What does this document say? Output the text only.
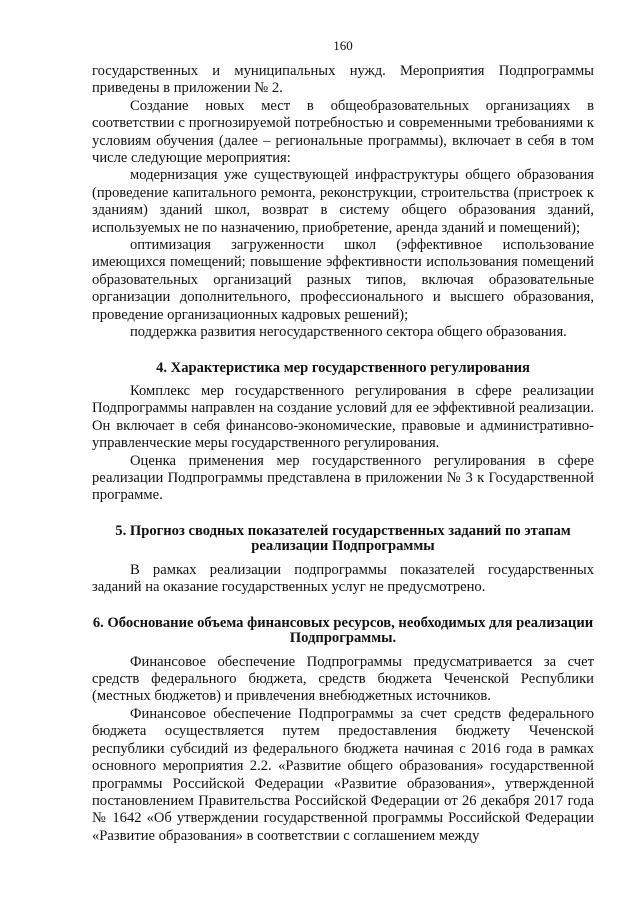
160

государственных и муниципальных нужд. Мероприятия Подпрограммы приведены в приложении № 2.

Создание новых мест в общеобразовательных организациях в соответствии с прогнозируемой потребностью и современными требованиями к условиям обучения (далее – региональные программы), включает в себя в том числе следующие мероприятия:

модернизация уже существующей инфраструктуры общего образования (проведение капитального ремонта, реконструкции, строительства (пристроек к зданиям) зданий школ, возврат в систему общего образования зданий, используемых не по назначению, приобретение, аренда зданий и помещений);

оптимизация загруженности школ (эффективное использование имеющихся помещений; повышение эффективности использования помещений образовательных организаций разных типов, включая образовательные организации дополнительного, профессионального и высшего образования, проведение организационных кадровых решений);

поддержка развития негосударственного сектора общего образования.

4. Характеристика мер государственного регулирования

Комплекс мер государственного регулирования в сфере реализации Подпрограммы направлен на создание условий для ее эффективной реализации. Он включает в себя финансово-экономические, правовые и административно-управленческие меры государственного регулирования.

Оценка применения мер государственного регулирования в сфере реализации Подпрограммы представлена в приложении № 3 к Государственной программе.

5. Прогноз сводных показателей государственных заданий по этапам реализации Подпрограммы

В рамках реализации подпрограммы показателей государственных заданий на оказание государственных услуг не предусмотрено.

6. Обоснование объема финансовых ресурсов, необходимых для реализации Подпрограммы.

Финансовое обеспечение Подпрограммы предусматривается за счет средств федерального бюджета, средств бюджета Чеченской Республики (местных бюджетов) и привлечения внебюджетных источников.

Финансовое обеспечение Подпрограммы за счет средств федерального бюджета осуществляется путем предоставления бюджету Чеченской республики субсидий из федерального бюджета начиная с 2016 года в рамках основного мероприятия 2.2. «Развитие общего образования» государственной программы Российской Федерации «Развитие образования», утвержденной постановлением Правительства Российской Федерации от 26 декабря 2017 года № 1642 «Об утверждении государственной программы Российской Федерации «Развитие образования» в соответствии с соглашением между
